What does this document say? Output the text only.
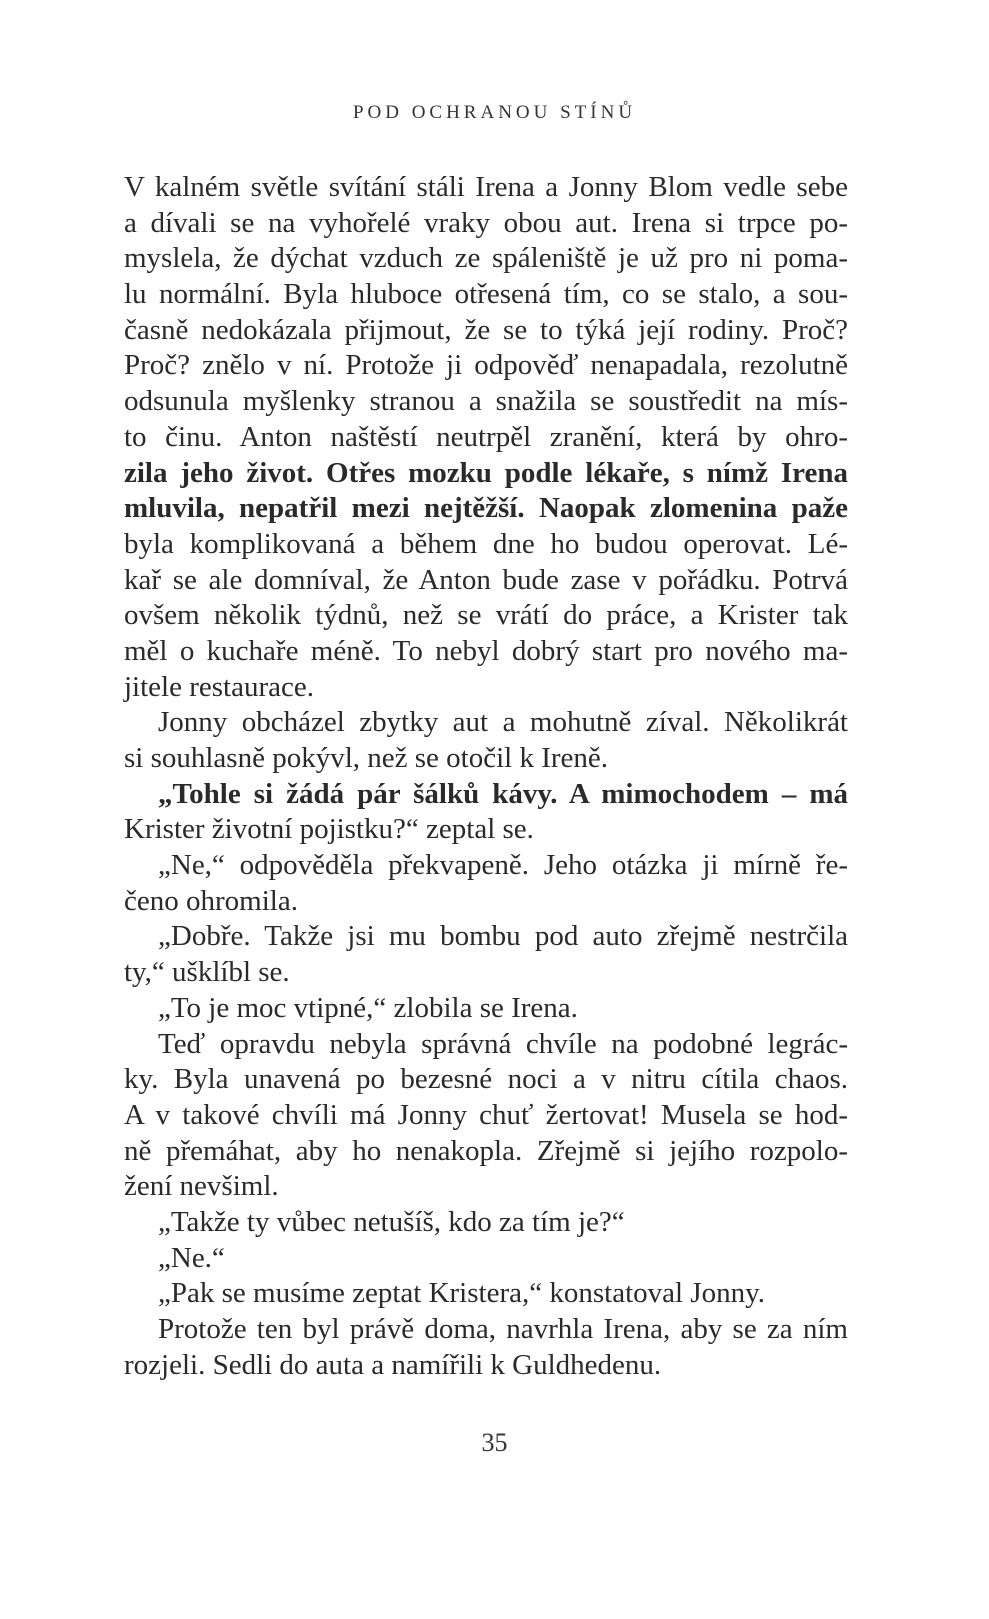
POD OCHRANOU STÍNŮ
V kalném světle svítání stáli Irena a Jonny Blom vedle sebe
a dívali se na vyhořelé vraky obou aut. Irena si trpce po-
myslela, že dýchat vzduch ze spáleniště je už pro ni poma-
lu normální. Byla hluboce otřesená tím, co se stalo, a sou-
časně nedokázala přijmout, že se to týká její rodiny. Proč?
Proč? znělo v ní. Protože ji odpověď nenapadala, rezolutně
odsunula myšlenky stranou a snažila se soustředit na mís-
to činu. Anton naštěstí neutrpěl zranění, která by ohro-
zila jeho život. Otřes mozku podle lékaře, s nímž Irena
mluvila, nepatřil mezi nejtěžší. Naopak zlomenina paže
byla komplikovaná a během dne ho budou operovat. Lé-
kař se ale domníval, že Anton bude zase v pořádku. Potrvá
ovšem několik týdnů, než se vrátí do práce, a Krister tak
měl o kuchaře méně. To nebyl dobrý start pro nového ma-
jitele restaurace.
Jonny obcházel zbytky aut a mohutně zíval. Několikrát
si souhlasně pokývl, než se otočil k Ireně.
„Tohle si žádá pár šálků kávy. A mimochodem – má
Krister životní pojistku?“ zeptal se.
„Ne,“ odpověděla překvapeně. Jeho otázka ji mírně ře-
čeno ohromila.
„Dobře. Takže jsi mu bombu pod auto zřejmě nestrčila
ty,“ ušklíbl se.
„To je moc vtipné,“ zlobila se Irena.
Teď opravdu nebyla správná chvíle na podobné legrác-
ky. Byla unavená po bezesné noci a v nitru cítila chaos.
A v takové chvíli má Jonny chuť žertovat! Musela se hod-
ně přemáhat, aby ho nenakopla. Zřejmě si jejího rozpolo-
žení nevšiml.
„Takže ty vůbec netušíš, kdo za tím je?“
„Ne.“
„Pak se musíme zeptat Kristera,“ konstatoval Jonny.
Protože ten byl právě doma, navrhla Irena, aby se za ním
rozjeli. Sedli do auta a namířili k Guldhedenu.
35
